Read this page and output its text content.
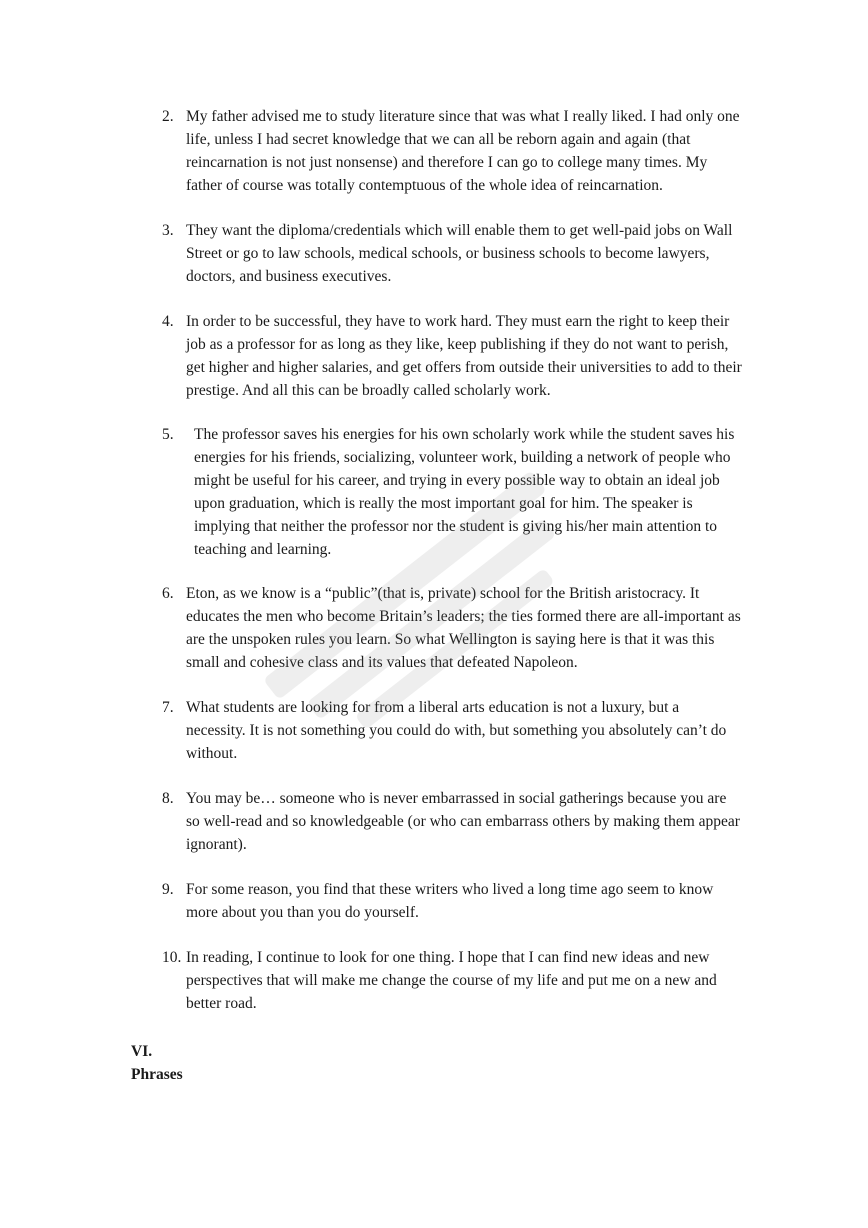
2. My father advised me to study literature since that was what I really liked. I had only one life, unless I had secret knowledge that we can all be reborn again and again (that reincarnation is not just nonsense) and therefore I can go to college many times. My father of course was totally contemptuous of the whole idea of reincarnation.
3. They want the diploma/credentials which will enable them to get well-paid jobs on Wall Street or go to law schools, medical schools, or business schools to become lawyers, doctors, and business executives.
4. In order to be successful, they have to work hard. They must earn the right to keep their job as a professor for as long as they like, keep publishing if they do not want to perish, get higher and higher salaries, and get offers from outside their universities to add to their prestige. And all this can be broadly called scholarly work.
5.	The professor saves his energies for his own scholarly work while the student saves his energies for his friends, socializing, volunteer work, building a network of people who might be useful for his career, and trying in every possible way to obtain an ideal job upon graduation, which is really the most important goal for him. The speaker is implying that neither the professor nor the student is giving his/her main attention to teaching and learning.
6. Eton, as we know is a “public”(that is, private) school for the British aristocracy. It educates the men who become Britain’s leaders; the ties formed there are all-important as are the unspoken rules you learn. So what Wellington is saying here is that it was this small and cohesive class and its values that defeated Napoleon.
7. What students are looking for from a liberal arts education is not a luxury, but a necessity. It is not something you could do with, but something you absolutely can’t do without.
8. You may be… someone who is never embarrassed in social gatherings because you are so well-read and so knowledgeable (or who can embarrass others by making them appear ignorant).
9. For some reason, you find that these writers who lived a long time ago seem to know more about you than you do yourself.
10. In reading, I continue to look for one thing. I hope that I can find new ideas and new perspectives that will make me change the course of my life and put me on a new and better road.
VI.
Phrases
